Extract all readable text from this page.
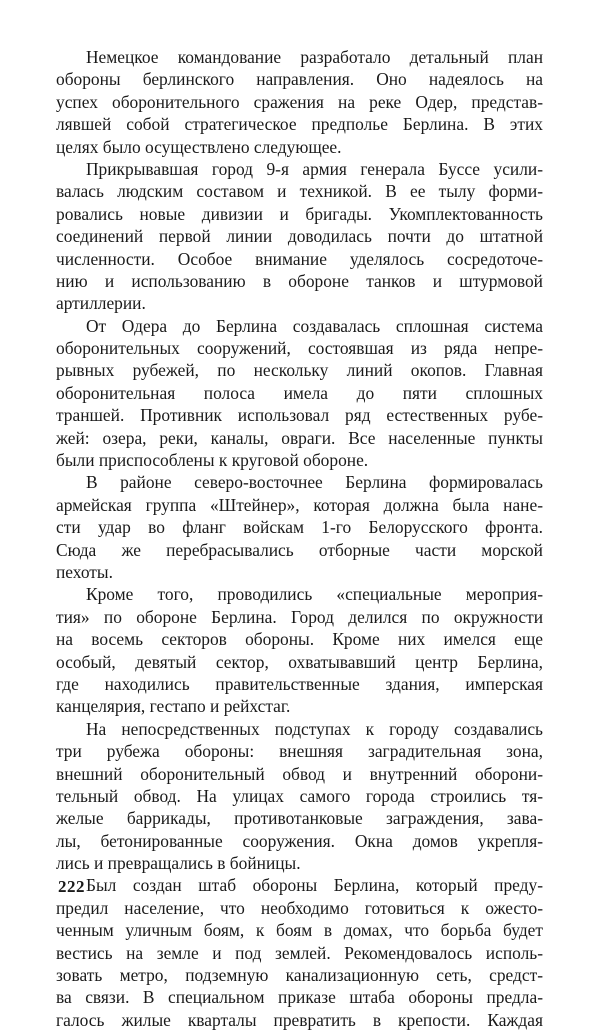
Немецкое командование разработало детальный план
обороны берлинского направления. Оно надеялось на
успех оборонительного сражения на реке Одер, представ-
лявшей собой стратегическое предполье Берлина. В этих
целях было осуществлено следующее.

Прикрывавшая город 9-я армия генерала Буссе усили-
валась людским составом и техникой. В ее тылу форми-
ровались новые дивизии и бригады. Укомплектованность
соединений первой линии доводилась почти до штатной
численности. Особое внимание уделялось сосредоточе-
нию и использованию в обороне танков и штурмовой
артиллерии.

От Одера до Берлина создавалась сплошная система
оборонительных сооружений, состоявшая из ряда непре-
рывных рубежей, по нескольку линий окопов. Главная
оборонительная полоса имела до пяти сплошных
траншей. Противник использовал ряд естественных рубе-
жей: озера, реки, каналы, овраги. Все населенные пункты
были приспособлены к круговой обороне.

В районе северо-восточнее Берлина формировалась
армейская группа «Штейнер», которая должна была нане-
сти удар во фланг войскам 1-го Белорусского фронта.
Сюда же перебрасывались отборные части морской
пехоты.

Кроме того, проводились «специальные мероприя-
тия» по обороне Берлина. Город делился по окружности
на восемь секторов обороны. Кроме них имелся еще
особый, девятый сектор, охватывавший центр Берлина,
где находились правительственные здания, имперская
канцелярия, гестапо и рейхстаг.

На непосредственных подступах к городу создавались
три рубежа обороны: внешняя заградительная зона,
внешний оборонительный обвод и внутренний оборони-
тельный обвод. На улицах самого города строились тя-
желые баррикады, противотанковые заграждения, зава-
лы, бетонированные сооружения. Окна домов укрепля-
лись и превращались в бойницы.

Был создан штаб обороны Берлина, который преду-
предил население, что необходимо готовиться к ожесто-
ченным уличным боям, к боям в домах, что борьба будет
вестись на земле и под землей. Рекомендовалось исполь-
зовать метро, подземную канализационную сеть, средст-
ва связи. В специальном приказе штаба обороны предла-
галось жилые кварталы превратить в крепости. Каждая

222
